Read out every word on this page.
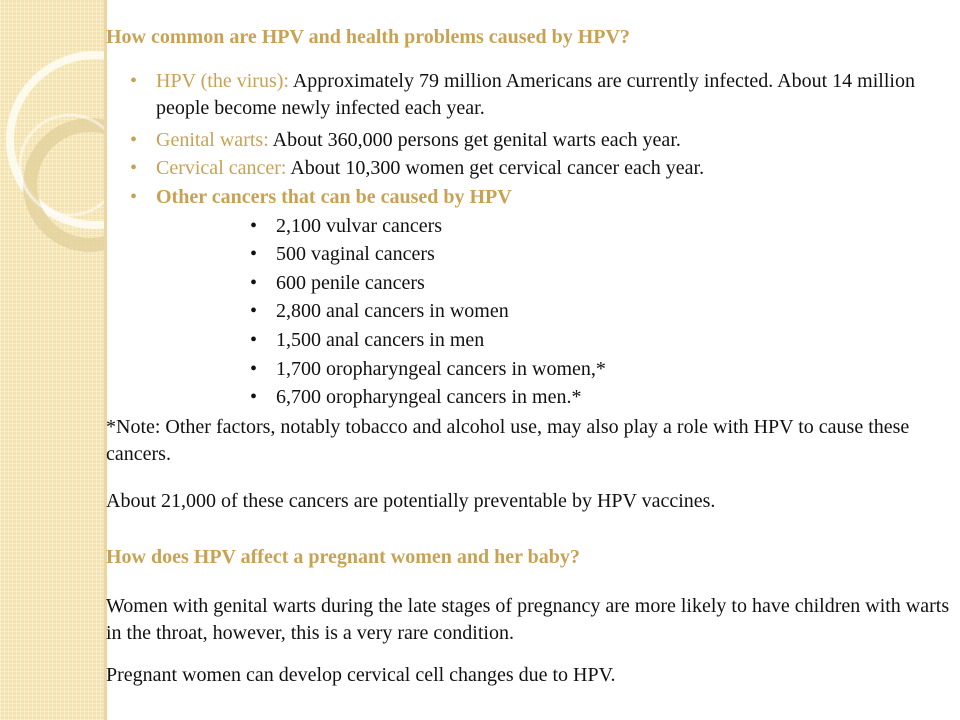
How common are HPV and health problems caused by HPV?
• HPV (the virus): Approximately 79 million Americans are currently infected. About 14 million people become newly infected each year.
• Genital warts: About 360,000 persons get genital warts each year.
• Cervical cancer: About 10,300 women get cervical cancer each year.
• Other cancers that can be caused by HPV
• 2,100 vulvar cancers
• 500 vaginal cancers
• 600 penile cancers
• 2,800 anal cancers in women
• 1,500 anal cancers in men
• 1,700 oropharyngeal cancers in women,*
• 6,700 oropharyngeal cancers in men.*
*Note: Other factors, notably tobacco and alcohol use, may also play a role with HPV to cause these cancers.
About 21,000 of these cancers are potentially preventable by HPV vaccines.
How does HPV affect a pregnant women and her baby?
Women with genital warts during the late stages of pregnancy are more likely to have children with warts in the throat, however, this is a very rare condition.
Pregnant women can develop cervical cell changes due to HPV.
